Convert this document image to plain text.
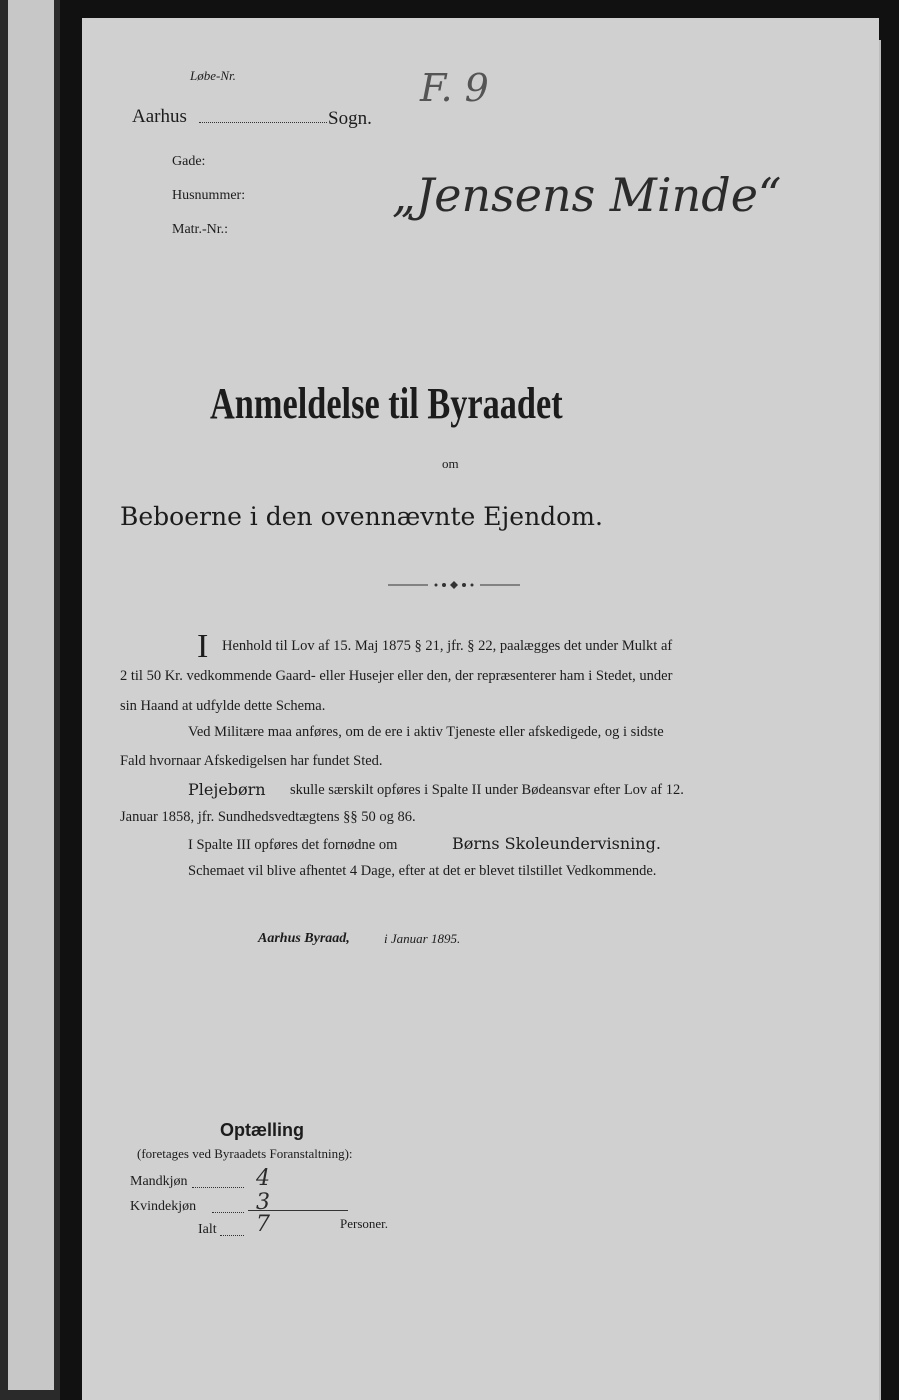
Løbe-Nr.
Aarhus	Sogn.
F. 9
Gade:
Husnummer:
Matr.-Nr.:
„Jensens Minde“
Anmeldelse til Byraadet
om
Beboerne i den ovennævnte Ejendom.
I Henhold til Lov af 15. Maj 1875 § 21, jfr. § 22, paalægges det under Mulkt af
2 til 50 Kr. vedkommende Gaard- eller Husejer eller den, der repræsenterer ham i Stedet, under
sin Haand at udfylde dette Schema.
Ved Militære maa anføres, om de ere i aktiv Tjeneste eller afskedigede, og i sidste
Fald hvornaar Afskedigelsen har fundet Sted.
Plejebørn skulle særskilt opføres i Spalte II under Bødeansvar efter Lov af 12.
Januar 1858, jfr. Sundhedsvedtægtens §§ 50 og 86.
I Spalte III opføres det fornødne om	Børns Skoleundervisning.
Schemaet vil blive afhentet 4 Dage, efter at det er blevet tilstillet Vedkommende.
Aarhus Byraad,	i Januar 1895.
Optælling
(foretages ved Byraadets Foranstaltning):
Mandkjøn	4
Kvindekjøn	3
Ialt 7	Personer.
